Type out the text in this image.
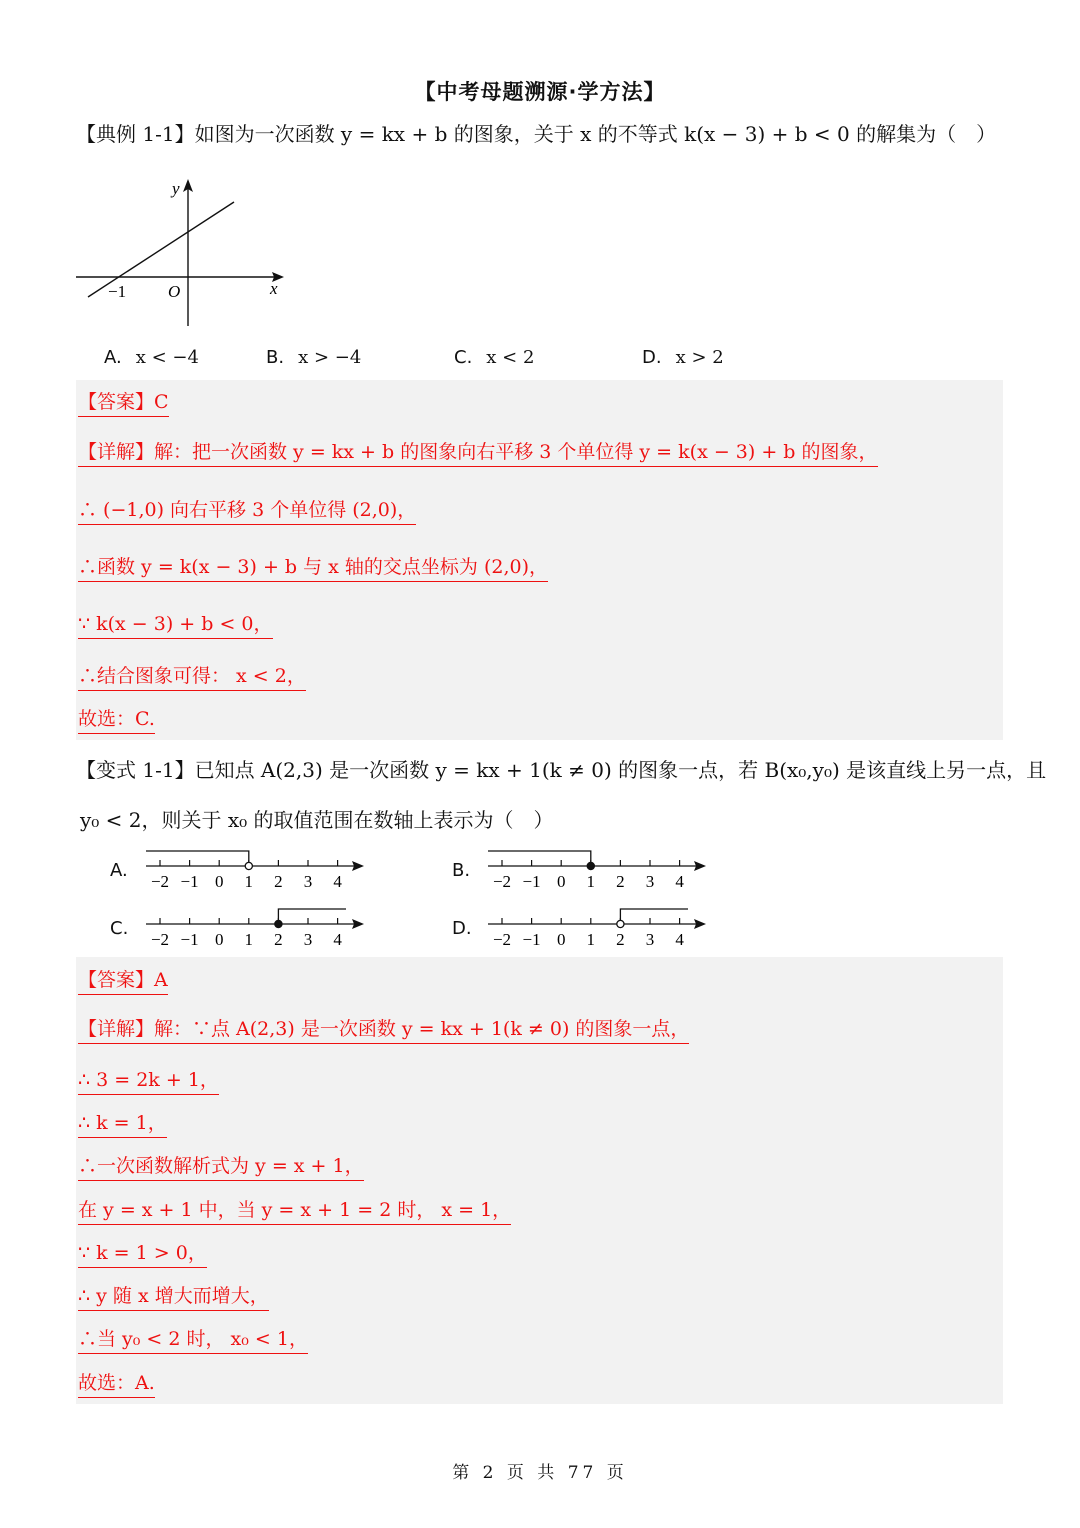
【中考母题溯源·学方法】
【典例 1-1】如图为一次函数 y = kx + b 的图象，关于 x 的不等式 k(x − 3) + b < 0 的解集为（　）
y
x
O
−1
A. x < −4	B. x > −4	C. x < 2	D. x > 2
【答案】C
【详解】解：把一次函数 y = kx + b 的图象向右平移 3 个单位得 y = k(x − 3) + b 的图象，
∴ (−1,0) 向右平移 3 个单位得 (2,0)，
∴函数 y = k(x − 3) + b 与 x 轴的交点坐标为 (2,0)，
∵ k(x − 3) + b < 0，
∴结合图象可得： x < 2，
故选：C.
【变式 1-1】已知点 A(2,3) 是一次函数 y = kx + 1(k ≠ 0) 的图象一点，若 B(x₀,y₀) 是该直线上另一点，且
y₀ < 2，则关于 x₀ 的取值范围在数轴上表示为（　）
A.
−2 −1 0 1 2 3 4
B.
−2 −1 0 1 2 3 4
C.
−2 −1 0 1 2 3 4
D.
−2 −1 0 1 2 3 4
【答案】A
【详解】解：∵点 A(2,3) 是一次函数 y = kx + 1(k ≠ 0) 的图象一点，
∴ 3 = 2k + 1，
∴ k = 1，
∴一次函数解析式为 y = x + 1，
在 y = x + 1 中，当 y = x + 1 = 2 时， x = 1，
∵ k = 1 > 0，
∴ y 随 x 增大而增大，
∴当 y₀ < 2 时， x₀ < 1，
故选：A.
第 2 页 共 77 页
